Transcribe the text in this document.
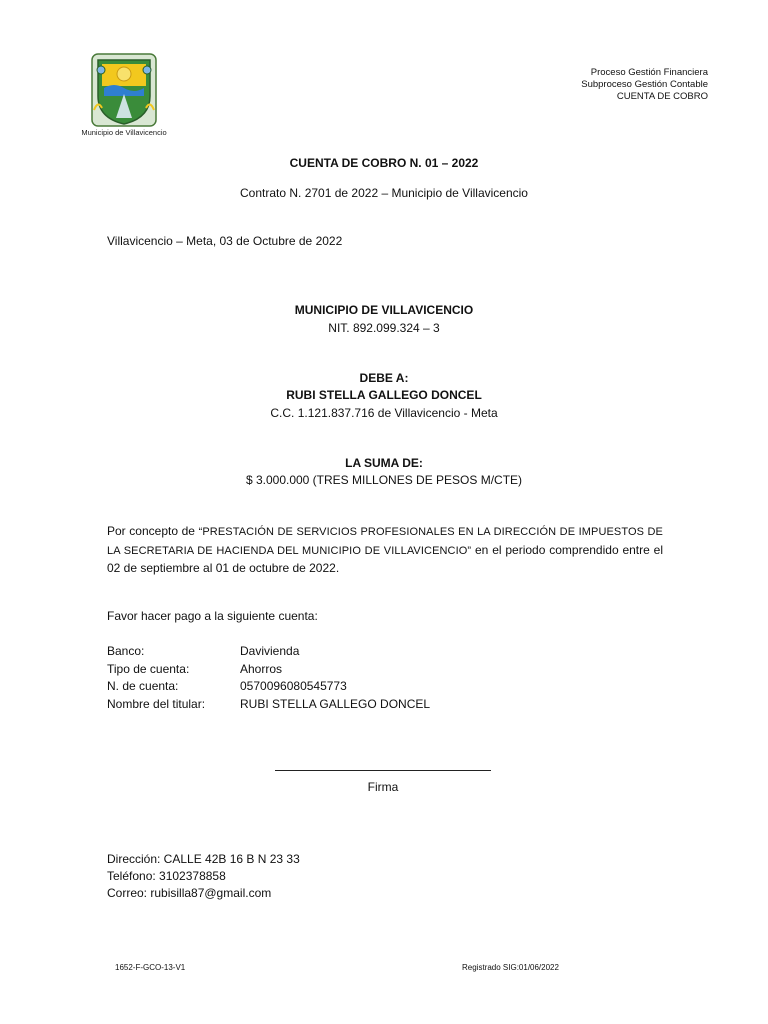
Municipio de Villavicencio
Proceso Gestión Financiera
Subproceso Gestión Contable
CUENTA DE COBRO
CUENTA DE COBRO N. 01 – 2022
Contrato N. 2701 de 2022 – Municipio de Villavicencio
Villavicencio – Meta, 03 de Octubre de 2022
MUNICIPIO DE VILLAVICENCIO
NIT. 892.099.324 – 3
DEBE A:
RUBI STELLA GALLEGO DONCEL
C.C. 1.121.837.716 de Villavicencio - Meta
LA SUMA DE:
$ 3.000.000 (TRES MILLONES DE PESOS M/CTE)
Por concepto de “PRESTACIÓN DE SERVICIOS PROFESIONALES EN LA DIRECCIÓN DE IMPUESTOS DE LA SECRETARIA DE HACIENDA DEL MUNICIPIO DE VILLAVICENCIO” en el periodo comprendido entre el 02 de septiembre al 01 de octubre de 2022.
Favor hacer pago a la siguiente cuenta:
Banco:	Davivienda
Tipo de cuenta:	Ahorros
N. de cuenta:	0570096080545773
Nombre del titular:	RUBI STELLA GALLEGO DONCEL
Firma
Dirección: CALLE 42B 16 B N 23 33
Teléfono: 3102378858
Correo: rubisilla87@gmail.com
1652-F-GCO-13-V1	Registrado SIG:01/06/2022
